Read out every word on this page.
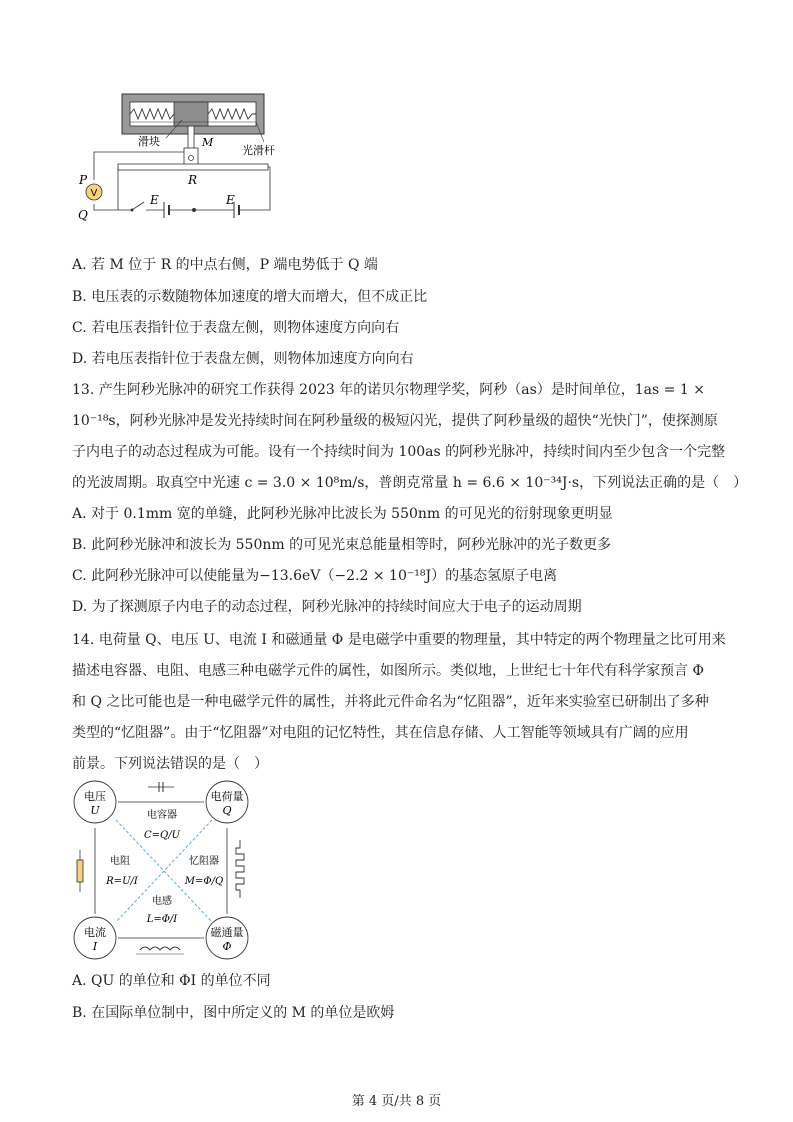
V
滑块	M
光滑杆
P
Q
R
E	E
A. 若 M 位于 R 的中点右侧，P 端电势低于 Q 端
B. 电压表的示数随物体加速度的增大而增大，但不成正比
C. 若电压表指针位于表盘左侧，则物体速度方向向右
D. 若电压表指针位于表盘左侧，则物体加速度方向向右
13. 产生阿秒光脉冲的研究工作获得 2023 年的诺贝尔物理学奖，阿秒（as）是时间单位，1as = 1 ×
10⁻¹⁸s，阿秒光脉冲是发光持续时间在阿秒量级的极短闪光，提供了阿秒量级的超快“光快门”，使探测原
子内电子的动态过程成为可能。设有一个持续时间为 100as 的阿秒光脉冲，持续时间内至少包含一个完整
的光波周期。取真空中光速 c = 3.0 × 10⁸m/s，普朗克常量 h = 6.6 × 10⁻³⁴J·s，下列说法正确的是（　）
A. 对于 0.1mm 宽的单缝，此阿秒光脉冲比波长为 550nm 的可见光的衍射现象更明显
B. 此阿秒光脉冲和波长为 550nm 的可见光束总能量相等时，阿秒光脉冲的光子数更多
C. 此阿秒光脉冲可以使能量为−13.6eV（−2.2 × 10⁻¹⁸J）的基态氢原子电离
D. 为了探测原子内电子的动态过程，阿秒光脉冲的持续时间应大于电子的运动周期
14. 电荷量 Q、电压 U、电流 I 和磁通量 Φ 是电磁学中重要的物理量，其中特定的两个物理量之比可用来
描述电容器、电阻、电感三种电磁学元件的属性，如图所示。类似地，上世纪七十年代有科学家预言 Φ
和 Q 之比可能也是一种电磁学元件的属性，并将此元件命名为“忆阻器”，近年来实验室已研制出了多种
类型的“忆阻器”。由于“忆阻器”对电阻的记忆特性，其在信息存储、人工智能等领域具有广阔的应用
前景。下列说法错误的是（　）
电压
U
电荷量
Q
电流
I
磁通量
Φ
电容器
C=Q/U
电阻
R=U/I
忆阻器
M=Φ/Q
电感
L=Φ/I
A. QU 的单位和 ΦI 的单位不同
B. 在国际单位制中，图中所定义的 M 的单位是欧姆
第 4 页/共 8 页
